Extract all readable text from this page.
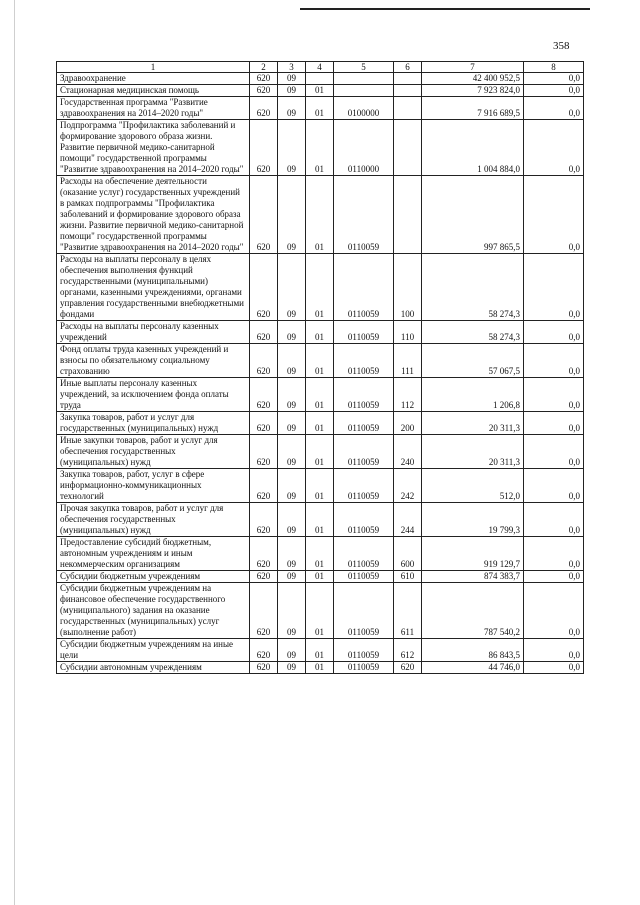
358
1	2	3	4	5	6	7	8
Здравоохранение	620	09				42 400 952,5	0,0
Стационарная медицинская помощь	620	09	01			7 923 824,0	0,0
Государственная программа "Развитие здравоохранения на 2014–2020 годы"	620	09	01	0100000		7 916 689,5	0,0
Подпрограмма "Профилактика заболеваний и формирование здорового образа жизни. Развитие первичной медико-санитарной помощи" государственной программы "Развитие здравоохранения на 2014–2020 годы"	620	09	01	0110000		1 004 884,0	0,0
Расходы на обеспечение деятельности (оказание услуг) государственных учреждений в рамках подпрограммы "Профилактика заболеваний и формирование здорового образа жизни. Развитие первичной медико-санитарной помощи" государственной программы "Развитие здравоохранения на 2014–2020 годы"	620	09	01	0110059		997 865,5	0,0
Расходы на выплаты персоналу в целях обеспечения выполнения функций государственными (муниципальными) органами, казенными учреждениями, органами управления государственными внебюджетными фондами	620	09	01	0110059	100	58 274,3	0,0
Расходы на выплаты персоналу казенных учреждений	620	09	01	0110059	110	58 274,3	0,0
Фонд оплаты труда казенных учреждений и взносы по обязательному социальному страхованию	620	09	01	0110059	111	57 067,5	0,0
Иные выплаты персоналу казенных учреждений, за исключением фонда оплаты труда	620	09	01	0110059	112	1 206,8	0,0
Закупка товаров, работ и услуг для государственных (муниципальных) нужд	620	09	01	0110059	200	20 311,3	0,0
Иные закупки товаров, работ и услуг для обеспечения государственных (муниципальных) нужд	620	09	01	0110059	240	20 311,3	0,0
Закупка товаров, работ, услуг в сфере информационно-коммуникационных технологий	620	09	01	0110059	242	512,0	0,0
Прочая закупка товаров, работ и услуг для обеспечения государственных (муниципальных) нужд	620	09	01	0110059	244	19 799,3	0,0
Предоставление субсидий бюджетным, автономным учреждениям и иным некоммерческим организациям	620	09	01	0110059	600	919 129,7	0,0
Субсидии бюджетным учреждениям	620	09	01	0110059	610	874 383,7	0,0
Субсидии бюджетным учреждениям на финансовое обеспечение государственного (муниципального) задания на оказание государственных (муниципальных) услуг (выполнение работ)	620	09	01	0110059	611	787 540,2	0,0
Субсидии бюджетным учреждениям на иные цели	620	09	01	0110059	612	86 843,5	0,0
Субсидии автономным учреждениям	620	09	01	0110059	620	44 746,0	0,0
